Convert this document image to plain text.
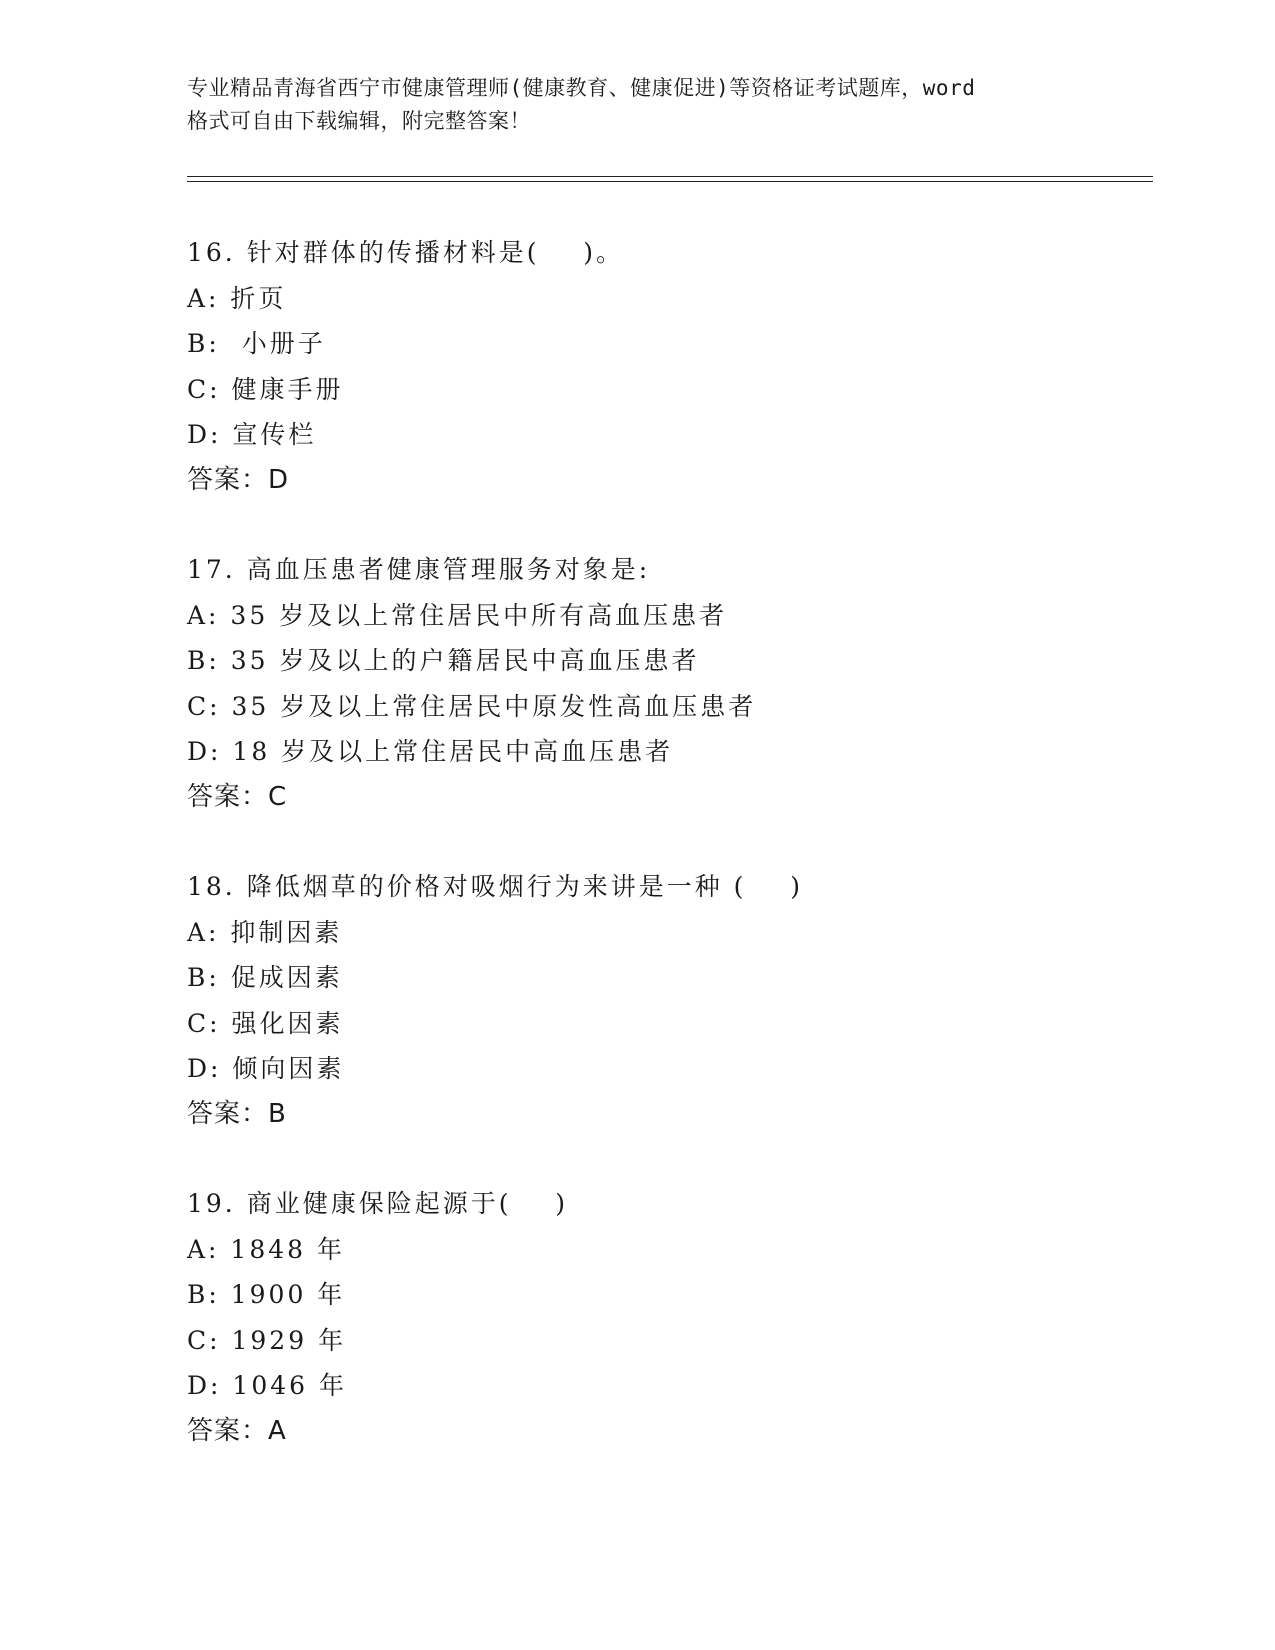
专业精品青海省西宁市健康管理师(健康教育、健康促进)等资格证考试题库，word
格式可自由下载编辑，附完整答案！
16. 针对群体的传播材料是(    )。
A: 折页
B:  小册子
C: 健康手册
D: 宣传栏
答案：D
17. 高血压患者健康管理服务对象是:
A: 35 岁及以上常住居民中所有高血压患者
B: 35 岁及以上的户籍居民中高血压患者
C: 35 岁及以上常住居民中原发性高血压患者
D: 18 岁及以上常住居民中高血压患者
答案：C
18. 降低烟草的价格对吸烟行为来讲是一种 (    )
A: 抑制因素
B: 促成因素
C: 强化因素
D: 倾向因素
答案：B
19. 商业健康保险起源于(    )
A: 1848 年
B: 1900 年
C: 1929 年
D: 1046 年
答案：A
